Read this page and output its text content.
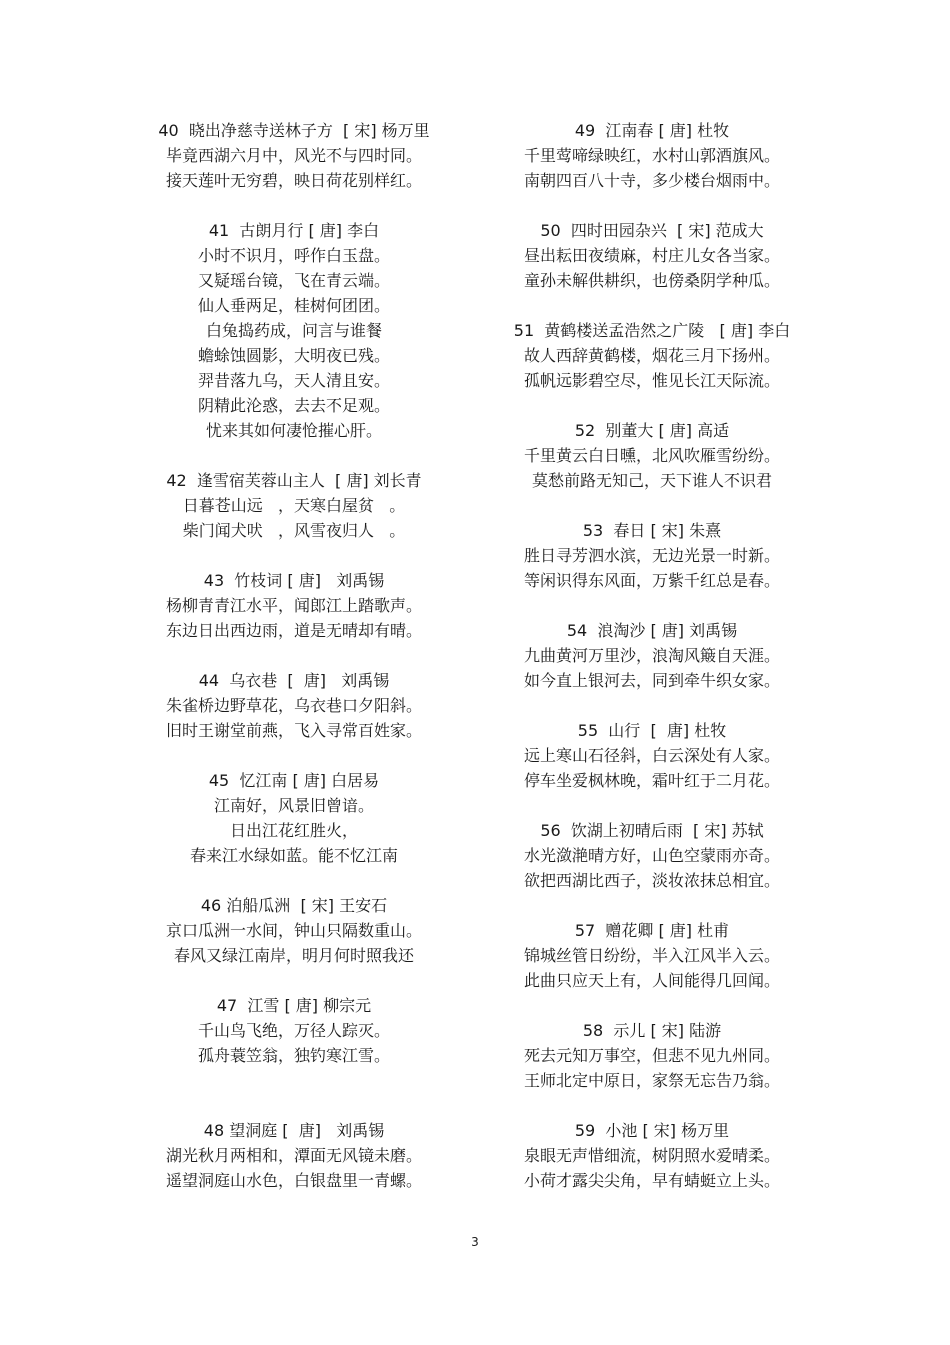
40  晓出净慈寺送林子方  [ 宋] 杨万里
毕竟西湖六月中，风光不与四时同。
接天莲叶无穷碧，映日荷花别样红。
41  古朗月行 [ 唐] 李白
小时不识月，呼作白玉盘。
又疑瑶台镜，飞在青云端。
仙人垂两足，桂树何团团。
白兔捣药成，问言与谁餐
蟾蜍蚀圆影，大明夜已残。
羿昔落九乌，天人清且安。
阴精此沦惑，去去不足观。
忧来其如何凄怆摧心肝。
42  逢雪宿芙蓉山主人  [ 唐] 刘长青
日暮苍山远   ，天寒白屋贫   。
柴门闻犬吠   ，风雪夜归人   。
43  竹枝词 [ 唐]   刘禹锡
杨柳青青江水平，闻郎江上踏歌声。
东边日出西边雨，道是无晴却有晴。
44  乌衣巷  [  唐]   刘禹锡
朱雀桥边野草花，乌衣巷口夕阳斜。
旧时王谢堂前燕，飞入寻常百姓家。
45  忆江南 [ 唐] 白居易
江南好，风景旧曾谙。
日出江花红胜火，
春来江水绿如蓝。能不忆江南
46 泊船瓜洲  [ 宋] 王安石
京口瓜洲一水间，钟山只隔数重山。
春风又绿江南岸，明月何时照我还
47  江雪 [ 唐] 柳宗元
千山鸟飞绝，万径人踪灭。
孤舟蓑笠翁，独钓寒江雪。
48 望洞庭 [  唐]   刘禹锡
湖光秋月两相和，潭面无风镜未磨。
遥望洞庭山水色，白银盘里一青螺。
49  江南春 [ 唐] 杜牧
千里莺啼绿映红，水村山郭酒旗风。
南朝四百八十寺，多少楼台烟雨中。
50  四时田园杂兴  [ 宋] 范成大
昼出耘田夜绩麻，村庄儿女各当家。
童孙未解供耕织，也傍桑阴学种瓜。
51  黄鹤楼送孟浩然之广陵   [ 唐] 李白
故人西辞黄鹤楼，烟花三月下扬州。
孤帆远影碧空尽，惟见长江天际流。
52  别董大 [ 唐] 高适
千里黄云白日曛，北风吹雁雪纷纷。
莫愁前路无知己，天下谁人不识君
53  春日 [ 宋] 朱熹
胜日寻芳泗水滨，无边光景一时新。
等闲识得东风面，万紫千红总是春。
54  浪淘沙 [ 唐] 刘禹锡
九曲黄河万里沙，浪淘风簸自天涯。
如今直上银河去，同到牵牛织女家。
55  山行  [  唐] 杜牧
远上寒山石径斜，白云深处有人家。
停车坐爱枫林晚，霜叶红于二月花。
56  饮湖上初晴后雨  [ 宋] 苏轼
水光潋滟晴方好，山色空蒙雨亦奇。
欲把西湖比西子，淡妆浓抹总相宜。
57  赠花卿 [ 唐] 杜甫
锦城丝管日纷纷，半入江风半入云。
此曲只应天上有，人间能得几回闻。
58  示儿 [ 宋] 陆游
死去元知万事空，但悲不见九州同。
王师北定中原日，家祭无忘告乃翁。
59  小池 [ 宋] 杨万里
泉眼无声惜细流，树阴照水爱晴柔。
小荷才露尖尖角，早有蜻蜓立上头。
3
